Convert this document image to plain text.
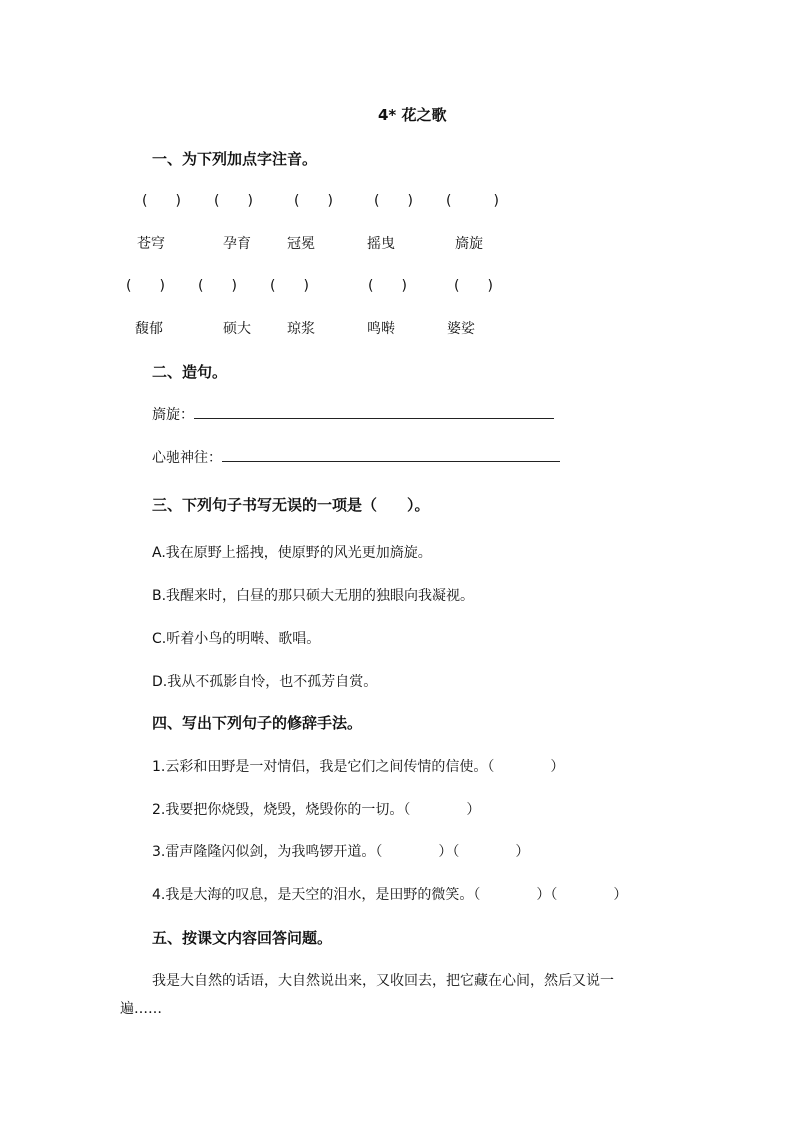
4* 花之歌
一、为下列加点字注音。
(　　) (　　)	(　　)	(　　) (　　　)
苍穹	孕育	冠冕	摇曳	旖旋
(　　) (　　) (　　)	(　　)	(　　)
馥郁	硕大	琼浆	鸣啭	婆娑
二、造句。
旖旋：
心驰神往：
三、下列句子书写无误的一项是（　　）。
A.我在原野上摇拽，使原野的风光更加旖旋。
B.我醒来时，白昼的那只硕大无朋的独眼向我凝视。
C.听着小鸟的明啭、歌唱。
D.我从不孤影自怜，也不孤芳自赏。
四、写出下列句子的修辞手法。
1.云彩和田野是一对情侣，我是它们之间传情的信使。（　　　　）
2.我要把你烧毁，烧毁，烧毁你的一切。（　　　　）
3.雷声隆隆闪似剑，为我鸣锣开道。（　　　　）（　　　　）
4.我是大海的叹息，是天空的泪水，是田野的微笑。（　　　　）（　　　　）
五、按课文内容回答问题。
我是大自然的话语，大自然说出来，又收回去，把它藏在心间，然后又说一
遍……
